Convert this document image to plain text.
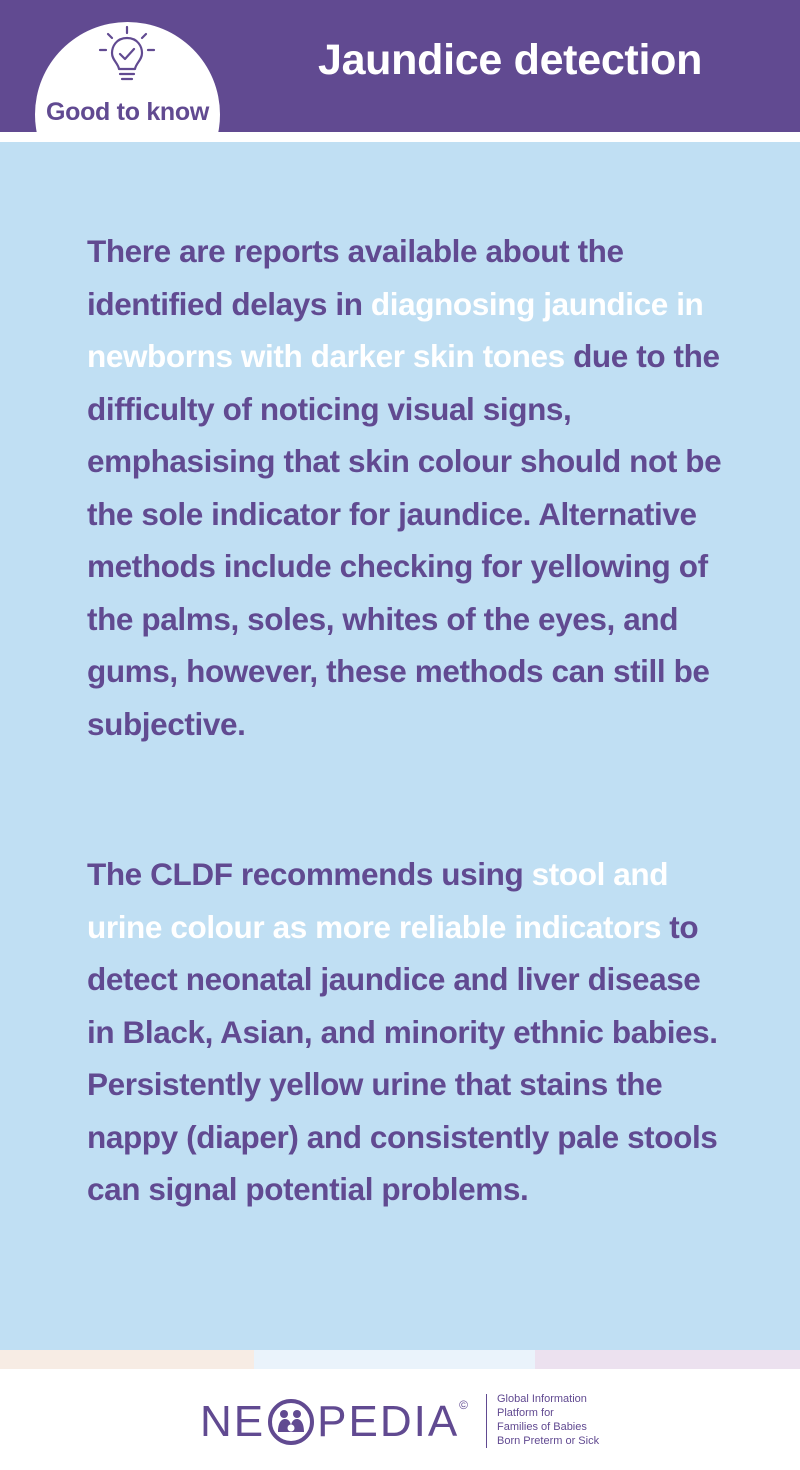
Good to know
Jaundice detection
There are reports available about the identified delays in diagnosing jaundice in newborns with darker skin tones due to the difficulty of noticing visual signs, emphasising that skin colour should not be the sole indicator for jaundice. Alternative methods include checking for yellowing of the palms, soles, whites of the eyes, and gums, however, these methods can still be subjective.
The CLDF recommends using stool and urine colour as more reliable indicators to detect neonatal jaundice and liver disease in Black, Asian, and minority ethnic babies. Persistently yellow urine that stains the nappy (diaper) and consistently pale stools can signal potential problems.
NE PEDIA ©	Global Information
Platform for
Families of Babies
Born Preterm or Sick
